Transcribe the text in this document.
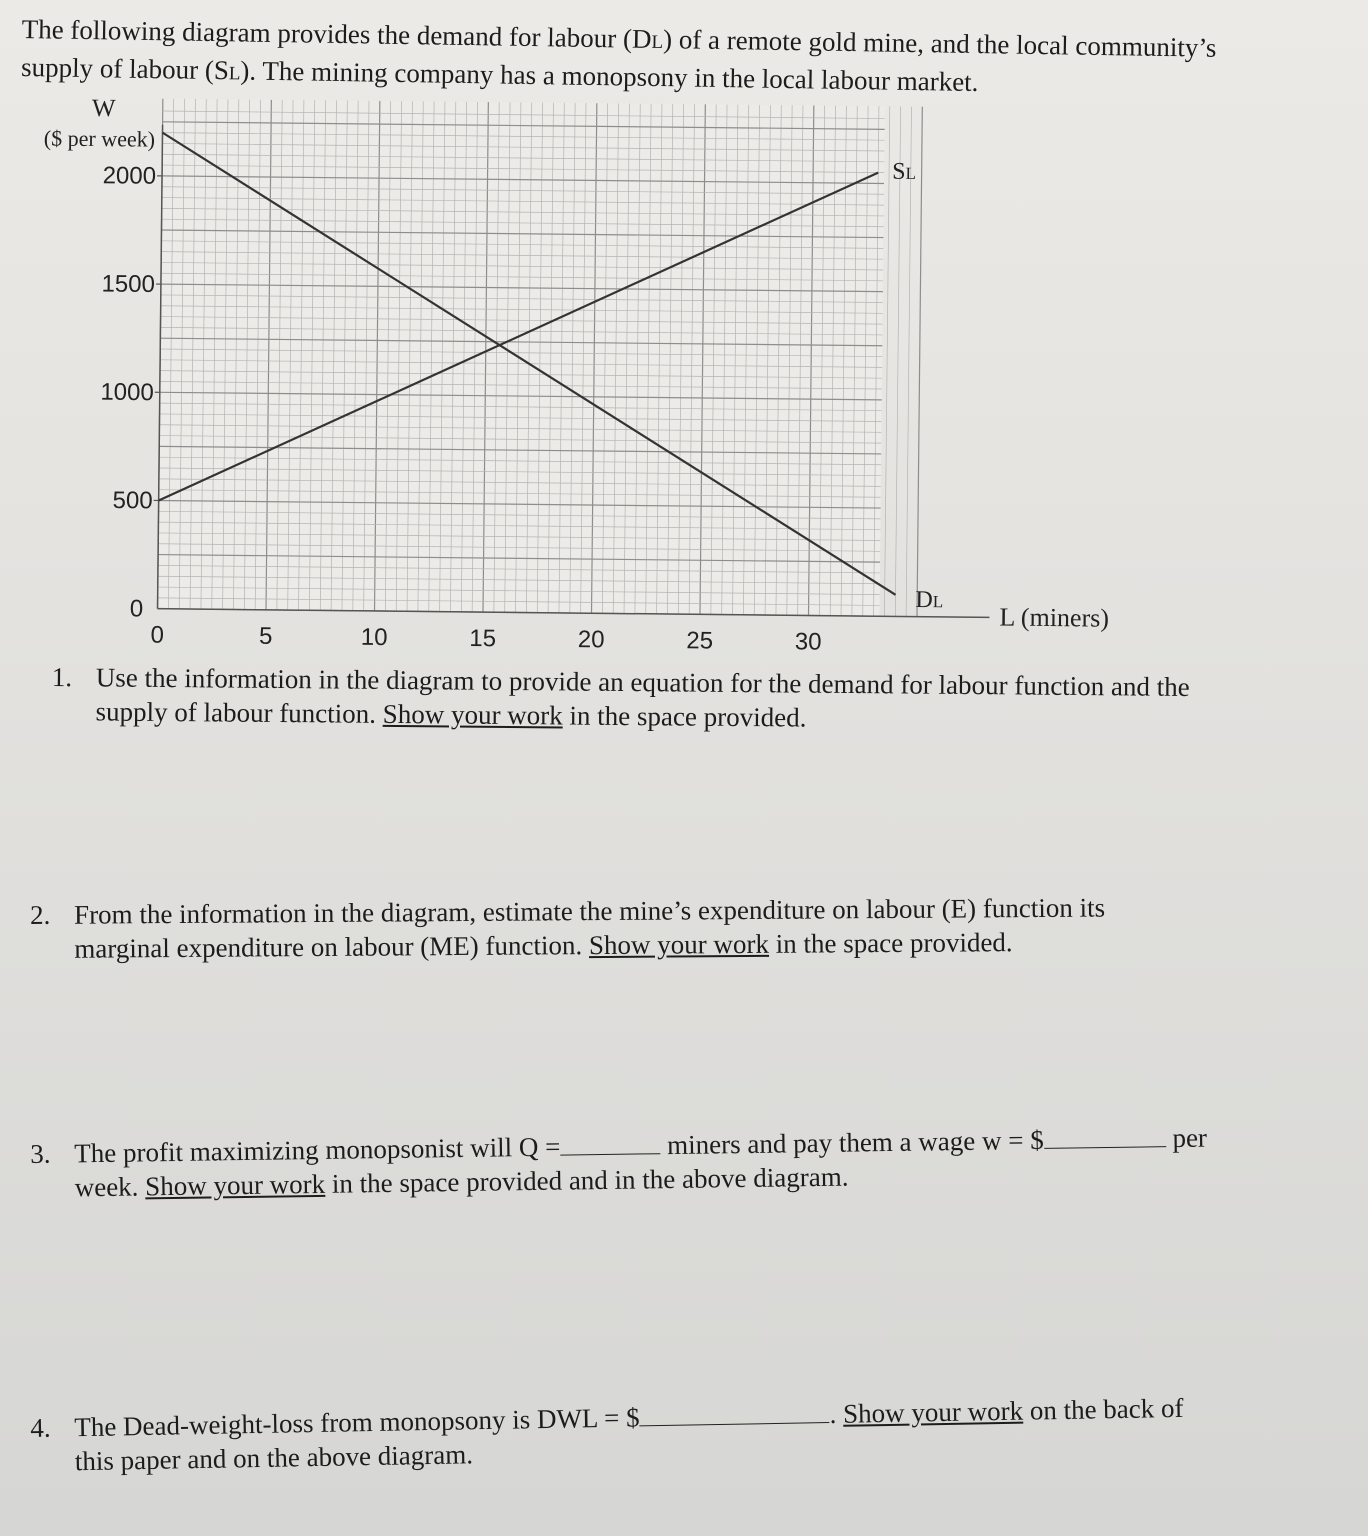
The following diagram provides the demand for labour (DL) of a remote gold mine, and the local community’s
supply of labour (SL). The mining company has a monopsony in the local labour market.
0	5	10	15	20	25	30
2000
1500
1000
500
0
W
($ per week)
L (miners)
DL
SL
1. Use the information in the diagram to provide an equation for the demand for labour function and the
supply of labour function. Show your work in the space provided.
2. From the information in the diagram, estimate the mine’s expenditure on labour (E) function its
marginal expenditure on labour (ME) function. Show your work in the space provided.
3. The profit maximizing monopsonist will Q =	miners and pay them a wage w = $	per
week. Show your work in the space provided and in the above diagram.
4. The Dead-weight-loss from monopsony is DWL = $	. Show your work on the back of
this paper and on the above diagram.
